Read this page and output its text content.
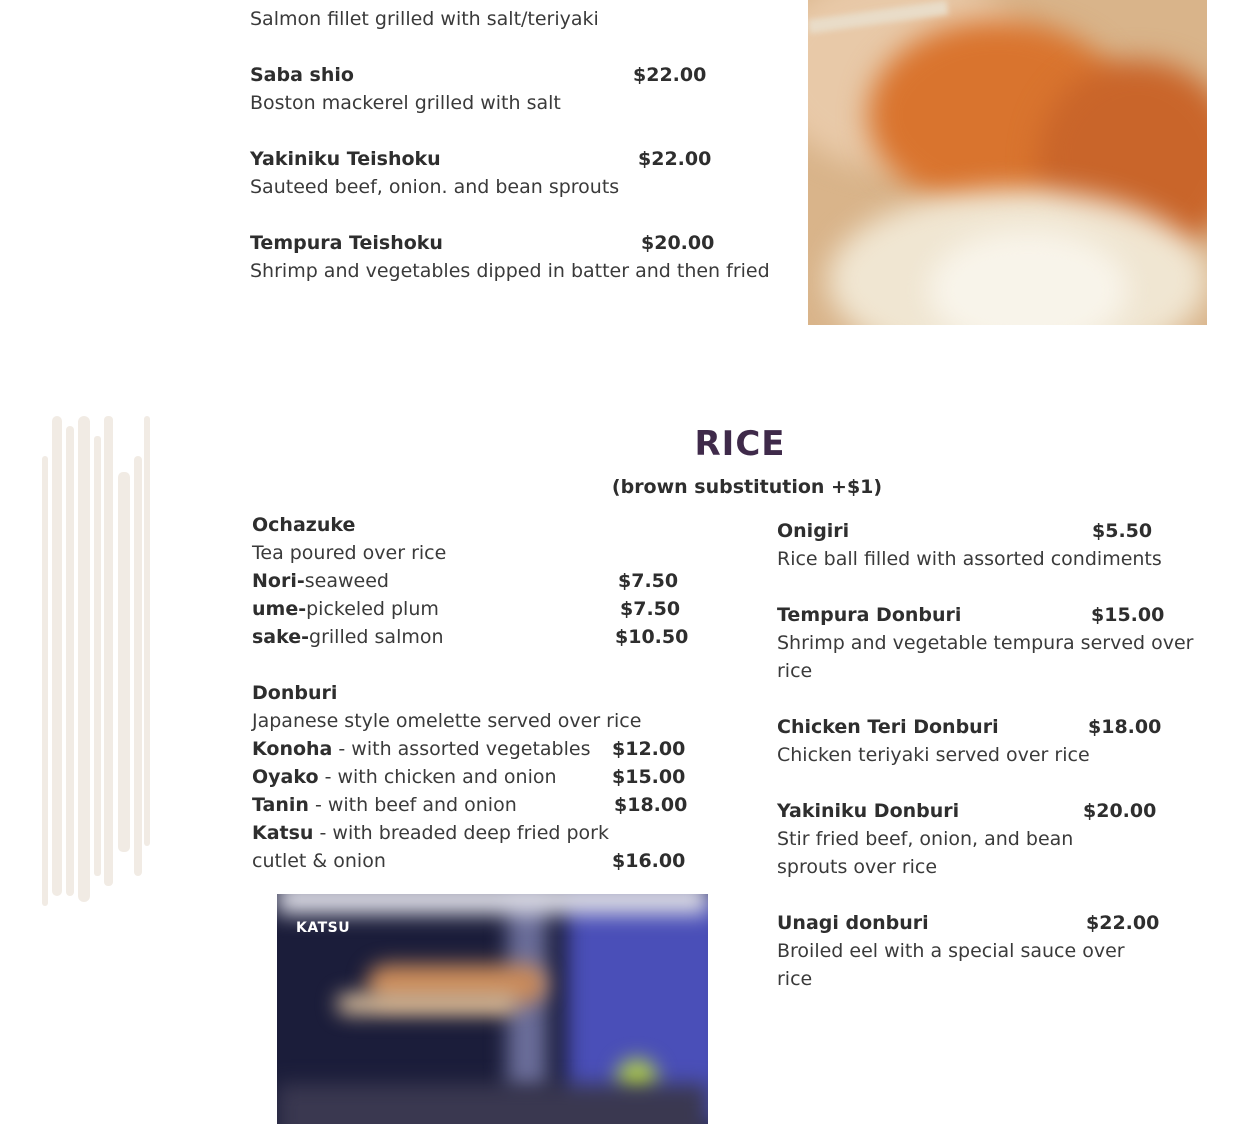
Salmon fillet grilled with salt/teriyaki
Saba shio	$22.00
Boston mackerel grilled with salt
Yakiniku Teishoku	$22.00
Sauteed beef, onion. and bean sprouts
Tempura Teishoku	$20.00
Shrimp and vegetables dipped in batter and then fried
RICE
(brown substitution +$1)
Ochazuke
Tea poured over rice
Nori-seaweed	$7.50
ume-pickeled plum	$7.50
sake-grilled salmon	$10.50
Donburi
Japanese style omelette served over rice
Konoha - with assorted vegetables $12.00
Oyako - with chicken and onion	$15.00
Tanin - with beef and onion	$18.00
Katsu - with breaded deep fried pork
cutlet & onion	$16.00
KATSU
Onigiri	$5.50
Rice ball filled with assorted condiments
Tempura Donburi	$15.00
Shrimp and vegetable tempura served over
rice
Chicken Teri Donburi	$18.00
Chicken teriyaki served over rice
Yakiniku Donburi	$20.00
Stir fried beef, onion, and bean
sprouts over rice
Unagi donburi	$22.00
Broiled eel with a special sauce over
rice
